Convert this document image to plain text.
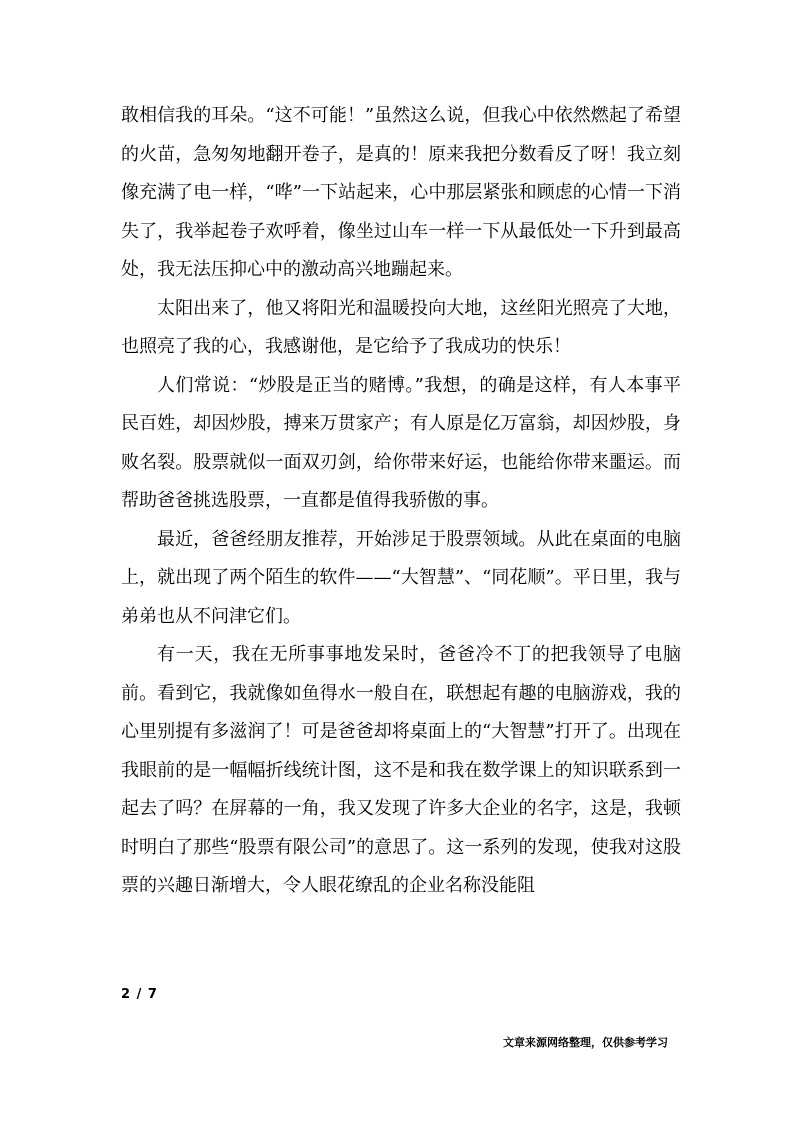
敢相信我的耳朵。“这不可能！”虽然这么说，但我心中依然燃起了希望的火苗，急匆匆地翻开卷子，是真的！原来我把分数看反了呀！我立刻像充满了电一样，“哗”一下站起来，心中那层紧张和顾虑的心情一下消失了，我举起卷子欢呼着，像坐过山车一样一下从最低处一下升到最高处，我无法压抑心中的激动高兴地蹦起来。

太阳出来了，他又将阳光和温暖投向大地，这丝阳光照亮了大地，也照亮了我的心，我感谢他，是它给予了我成功的快乐！

人们常说：“炒股是正当的赌博。”我想，的确是这样，有人本事平民百姓，却因炒股，搏来万贯家产；有人原是亿万富翁，却因炒股，身败名裂。股票就似一面双刃剑，给你带来好运，也能给你带来噩运。而帮助爸爸挑选股票，一直都是值得我骄傲的事。

最近，爸爸经朋友推荐，开始涉足于股票领域。从此在桌面的电脑上，就出现了两个陌生的软件——“大智慧”、“同花顺”。平日里，我与弟弟也从不问津它们。

有一天，我在无所事事地发呆时，爸爸冷不丁的把我领导了电脑前。看到它，我就像如鱼得水一般自在，联想起有趣的电脑游戏，我的心里别提有多滋润了！可是爸爸却将桌面上的“大智慧”打开了。出现在我眼前的是一幅幅折线统计图，这不是和我在数学课上的知识联系到一起去了吗？在屏幕的一角，我又发现了许多大企业的名字，这是，我顿时明白了那些“股票有限公司”的意思了。这一系列的发现，使我对这股票的兴趣日渐增大，令人眼花缭乱的企业名称没能阻

2 / 7
文章来源网络整理，仅供参考学习
